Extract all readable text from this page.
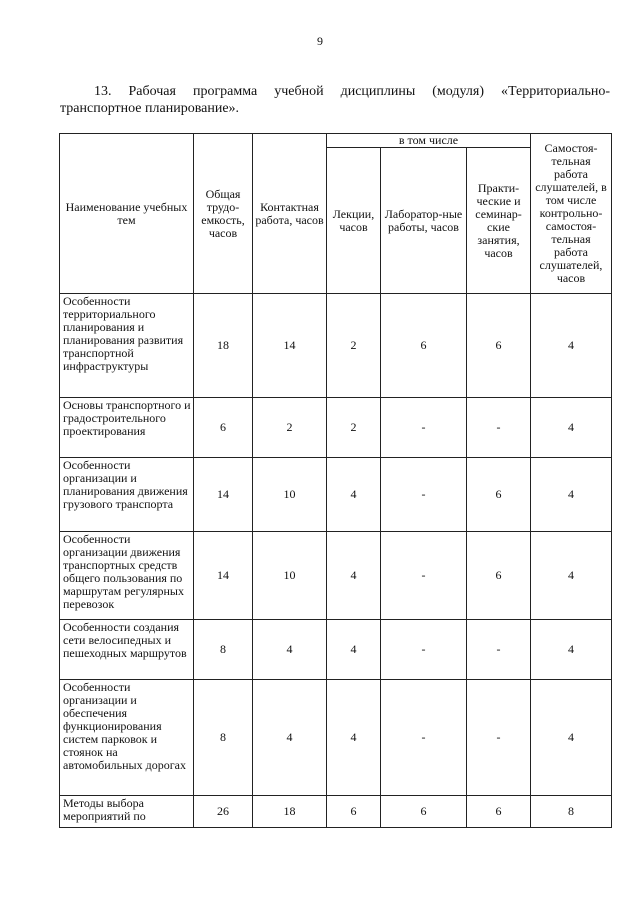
9
13. Рабочая программа учебной дисциплины (модуля) «Территориально-
транспортное планирование».
Наименование учебных тем	Общая трудо-емкость, часов	Контактная работа, часов	в том числе			Самостоя-тельная работа слушателей, в том числе контрольно-самостоя-тельная работа слушателей, часов
			Лекции, часов	Лаборатор-ные работы, часов	Практи-ческие и семинар-ские занятия, часов	
Особенности территориального планирования и планирования развития транспортной инфраструктуры	18	14	2	6	6	4
Основы транспортного и градостроительного проектирования	6	2	2	-	-	4
Особенности организации и планирования движения грузового транспорта	14	10	4	-	6	4
Особенности организации движения транспортных средств общего пользования по маршрутам регулярных перевозок	14	10	4	-	6	4
Особенности создания сети велосипедных и пешеходных маршрутов	8	4	4	-	-	4
Особенности организации и обеспечения функционирования систем парковок и стоянок на автомобильных дорогах	8	4	4	-	-	4
Методы выбора мероприятий по	26	18	6	6	6	8
